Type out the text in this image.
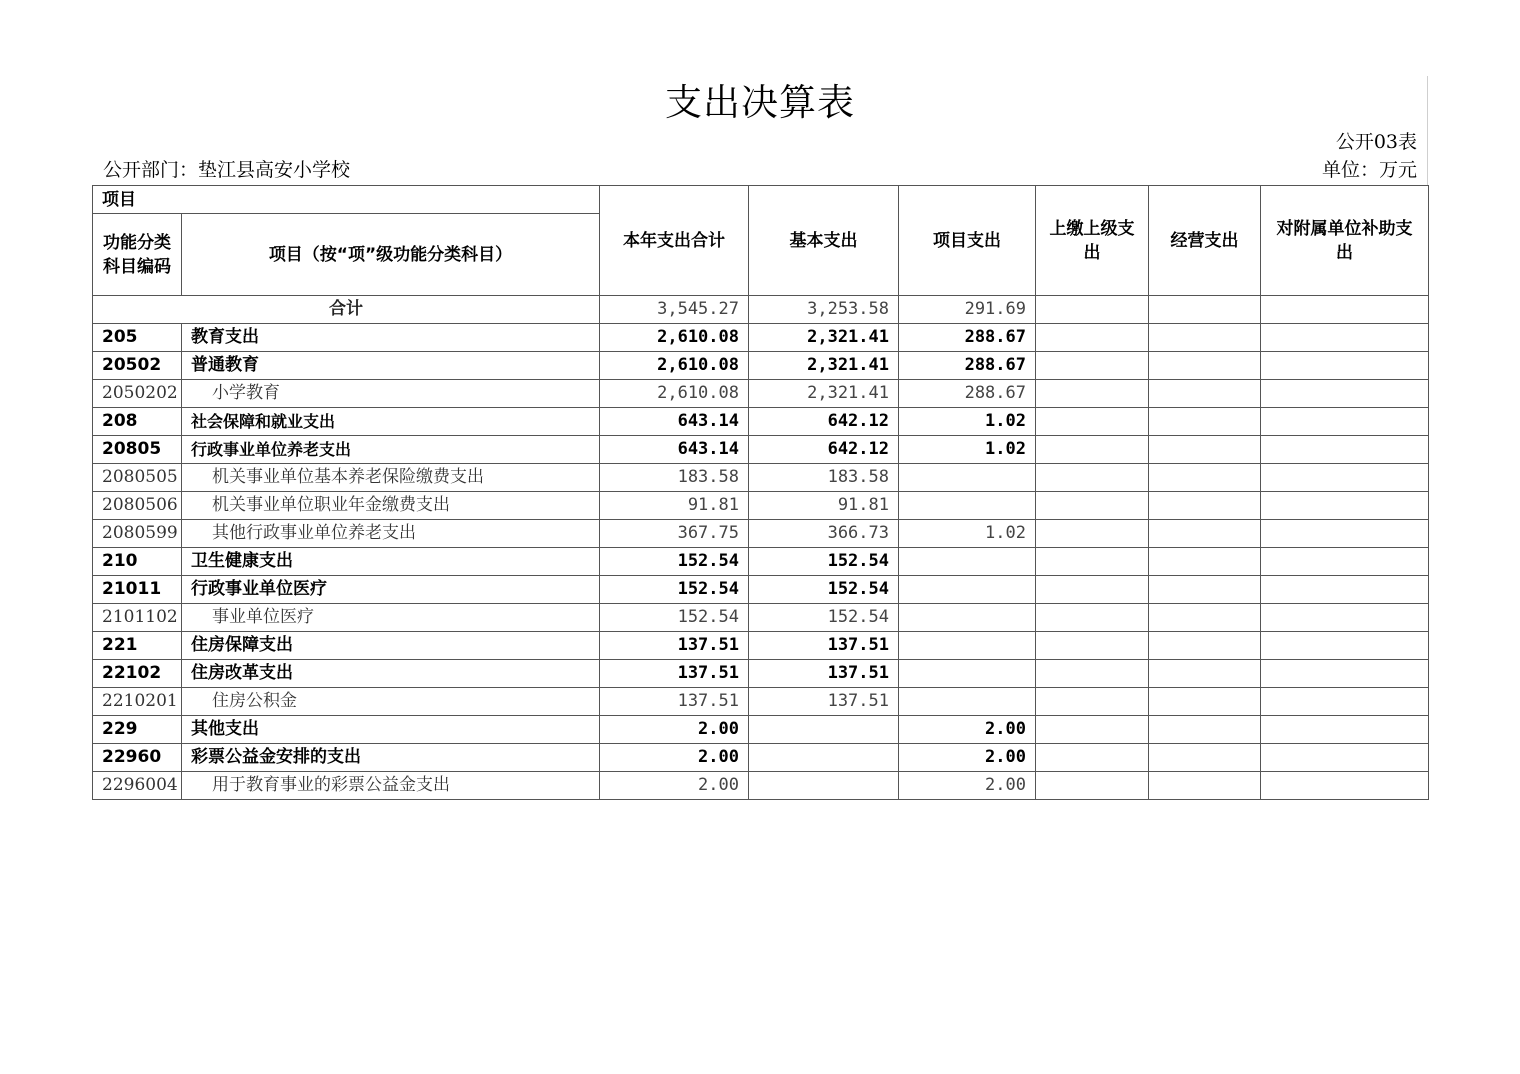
支出决算表
公开03表
公开部门：垫江县高安小学校	单位：万元
项目		本年支出合计	基本支出	项目支出	上缴上级支出	经营支出	对附属单位补助支出
功能分类科目编码	项目（按“项”级功能分类科目）						
合计		3,545.27	3,253.58	291.69			
205	教育支出	2,610.08	2,321.41	288.67			
20502	普通教育	2,610.08	2,321.41	288.67			
2050202	小学教育	2,610.08	2,321.41	288.67			
208	社会保障和就业支出	643.14	642.12	1.02			
20805	行政事业单位养老支出	643.14	642.12	1.02			
2080505	机关事业单位基本养老保险缴费支出	183.58	183.58				
2080506	机关事业单位职业年金缴费支出	91.81	91.81				
2080599	其他行政事业单位养老支出	367.75	366.73	1.02			
210	卫生健康支出	152.54	152.54				
21011	行政事业单位医疗	152.54	152.54				
2101102	事业单位医疗	152.54	152.54				
221	住房保障支出	137.51	137.51				
22102	住房改革支出	137.51	137.51				
2210201	住房公积金	137.51	137.51				
229	其他支出	2.00		2.00			
22960	彩票公益金安排的支出	2.00		2.00			
2296004	用于教育事业的彩票公益金支出	2.00		2.00			
